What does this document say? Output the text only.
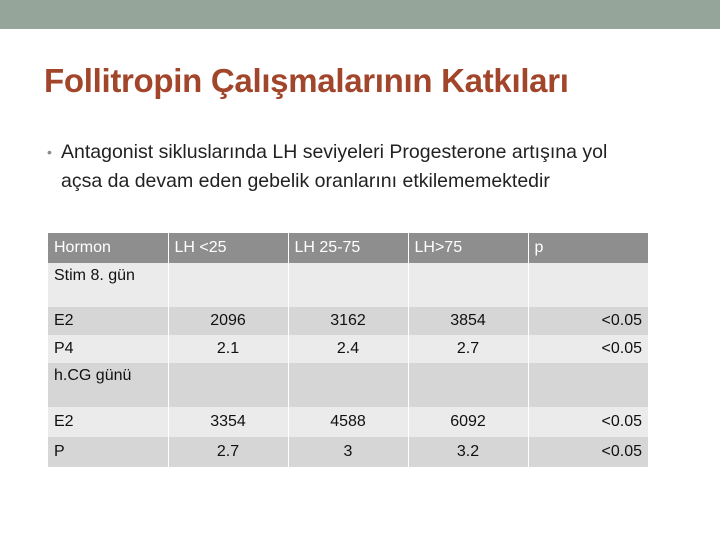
Follitropin Çalışmalarının Katkıları
• Antagonist sikluslarında LH seviyeleri Progesterone artışına yol açsa da devam eden gebelik oranlarını etkilememektedir
Hormon	LH <25	LH 25-75	LH>75	p
Stim 8. gün				
E2	2096	3162	3854	<0.05
P4	2.1	2.4	2.7	<0.05
h.CG günü				
E2	3354	4588	6092	<0.05
P	2.7	3	3.2	<0.05
